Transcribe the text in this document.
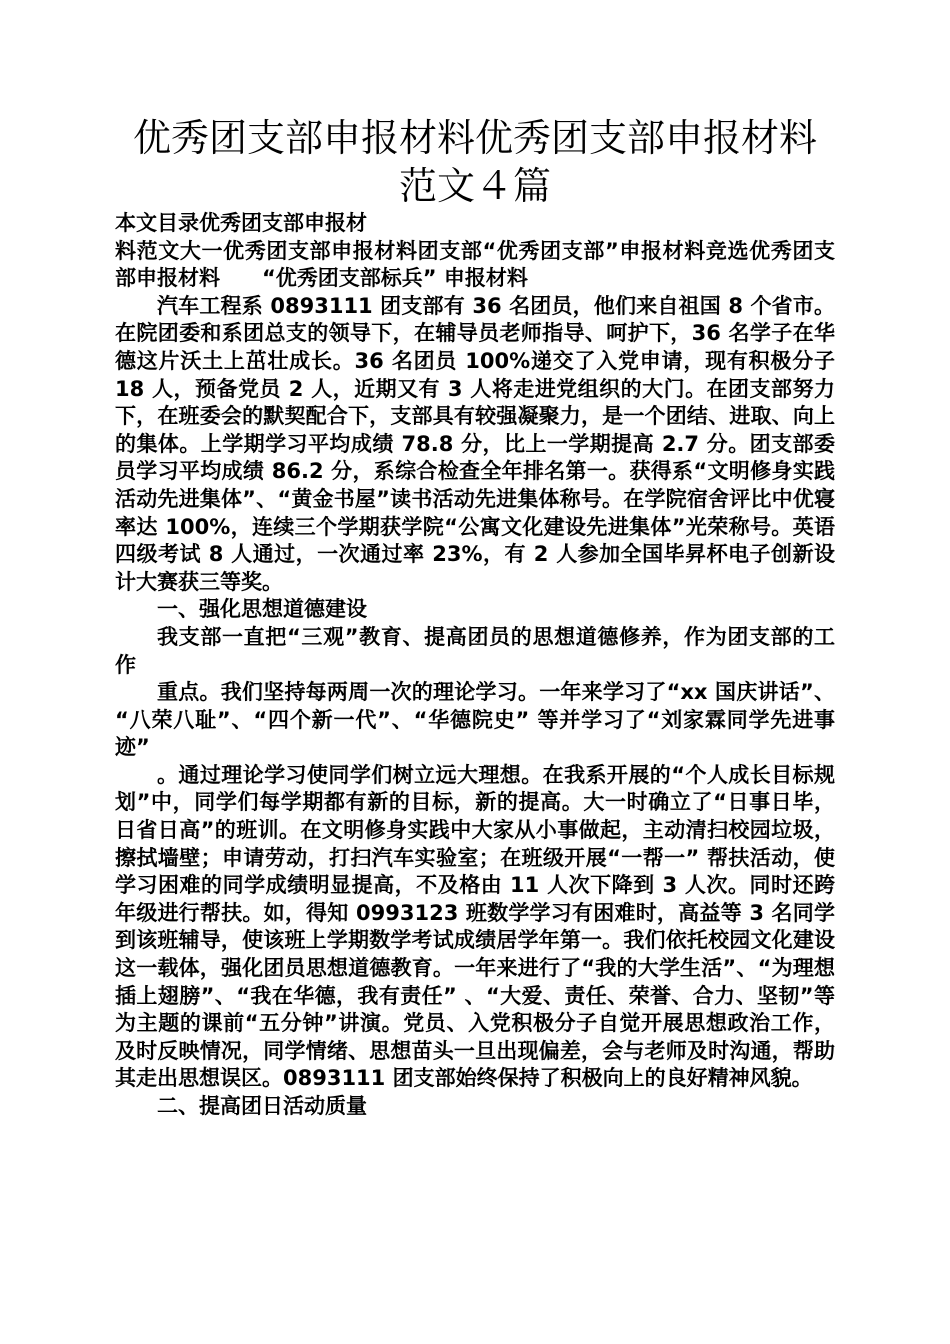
优秀团支部申报材料优秀团支部申报材料范文４篇

本文目录优秀团支部申报材
料范文大一优秀团支部申报材料团支部“优秀团支部”申报材料竞选优秀团支部申报材料　　“优秀团支部标兵” 申报材料

汽车工程系 0893111 团支部有 36 名团员，他们来自祖国 8 个省市。在院团委和系团总支的领导下，在辅导员老师指导、呵护下，36 名学子在华德这片沃土上茁壮成长。36 名团员 100%递交了入党申请，现有积极分子 18 人，预备党员 2 人，近期又有 3 人将走进党组织的大门。在团支部努力下，在班委会的默契配合下，支部具有较强凝聚力，是一个团结、进取、向上的集体。上学期学习平均成绩 78.8 分，比上一学期提高 2.7 分。团支部委员学习平均成绩 86.2 分，系综合检查全年排名第一。获得系“文明修身实践活动先进集体”、“黄金书屋”读书活动先进集体称号。在学院宿舍评比中优寝率达 100%，连续三个学期获学院“公寓文化建设先进集体”光荣称号。英语四级考试 8 人通过，一次通过率 23%，有 2 人参加全国毕昇杯电子创新设计大赛获三等奖。

一、强化思想道德建设

我支部一直把“三观”教育、提高团员的思想道德修养，作为团支部的工作

重点。我们坚持每两周一次的理论学习。一年来学习了“xx 国庆讲话”、 “八荣八耻”、“四个新一代”、“华德院史” 等并学习了“刘家霖同学先进事迹”

。通过理论学习使同学们树立远大理想。在我系开展的“个人成长目标规划”中，同学们每学期都有新的目标，新的提高。大一时确立了“日事日毕，日省日高”的班训。在文明修身实践中大家从小事做起，主动清扫校园垃圾，擦拭墙壁；申请劳动，打扫汽车实验室；在班级开展“一帮一” 帮扶活动，使学习困难的同学成绩明显提高，不及格由 11 人次下降到 3 人次。同时还跨年级进行帮扶。如，得知 0993123 班数学学习有困难时，高益等 3 名同学到该班辅导，使该班上学期数学考试成绩居学年第一。我们依托校园文化建设这一载体，强化团员思想道德教育。一年来进行了“我的大学生活”、“为理想插上翅膀”、“我在华德，我有责任” 、“大爱、责任、荣誉、合力、坚韧”等为主题的课前“五分钟”讲演。党员、入党积极分子自觉开展思想政治工作，及时反映情况，同学情绪、思想苗头一旦出现偏差，会与老师及时沟通，帮助其走出思想误区。0893111 团支部始终保持了积极向上的良好精神风貌。

二、提高团日活动质量
